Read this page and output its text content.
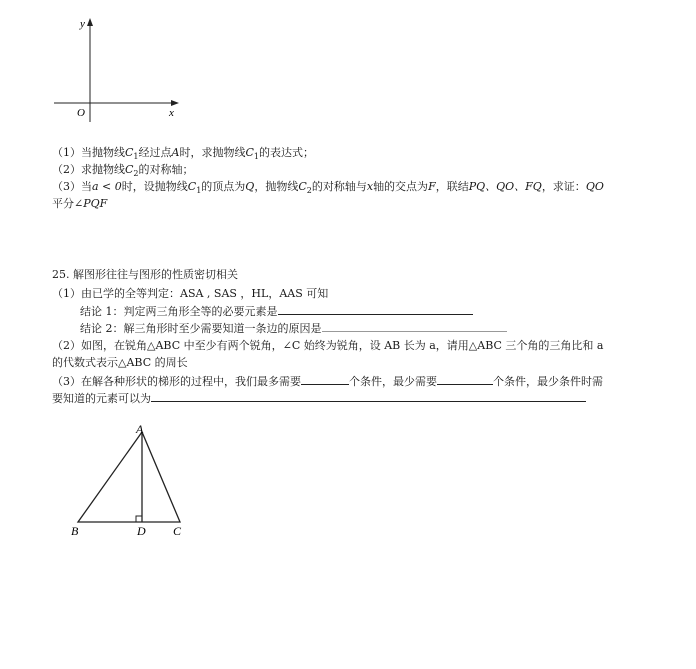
y
x
O
（1）当抛物线$C_1$经过点A时，求抛物线$C_1$的表达式；
（2）求抛物线$C_2$的对称轴；
（3）当a < 0时，设抛物线$C_1$的顶点为Q，抛物线$C_2$的对称轴与x轴的交点为F，联结PQ、QO、FQ，求证：QO
平分∠PQF
25. 解图形往往与图形的性质密切相关
（1）由已学的全等判定：ASA , SAS ，HL，AAS 可知
结论 1：判定两三角形全等的必要元素是
结论 2：解三角形时至少需要知道一条边的原因是
（2）如图，在锐角△ABC 中至少有两个锐角，∠C 始终为锐角，设 AB 长为 a，请用△ABC 三个角的三角比和 a
的代数式表示△ABC 的周长
（3）在解各种形状的梯形的过程中，我们最多需要	个条件，最少需要	个条件，最少条件时需
要知道的元素可以为
A
B	D C
